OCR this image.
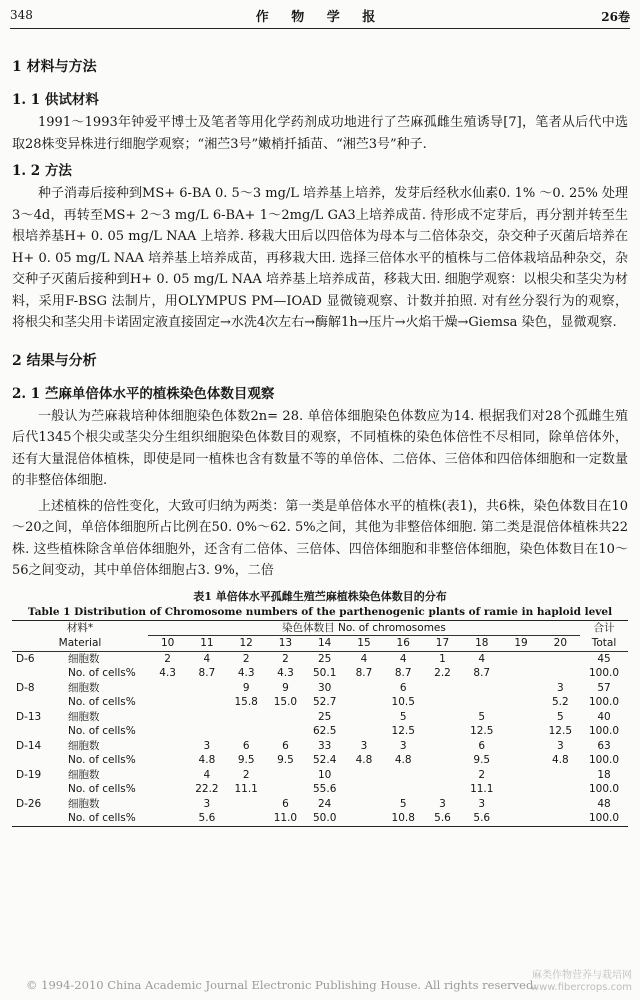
348	作 物 学 报	26卷
1 材料与方法
1. 1 供试材料
1991～1993年钟爱平博士及笔者等用化学药剂成功地进行了苎麻孤雌生殖诱导[7]，笔者从后代中选取28株变异株进行细胞学观察；“湘苎3号”嫩梢扦插苗、“湘苎3号”种子.
1. 2 方法
种子消毒后接种到MS+ 6-BA 0. 5～3 mg/L 培养基上培养，发芽后经秋水仙素0. 1% ～0. 25% 处理3～4d，再转至MS+ 2～3 mg/L 6-BA+ 1～2mg/L GA3上培养成苗. 待形成不定芽后，再分割并转至生根培养基H+ 0. 05 mg/L NAA 上培养. 移栽大田后以四倍体为母本与二倍体杂交，杂交种子灭菌后培养在H+ 0. 05 mg/L NAA 培养基上培养成苗，再移栽大田. 选择三倍体水平的植株与二倍体栽培品种杂交，杂交种子灭菌后接种到H+ 0. 05 mg/L NAA 培养基上培养成苗，移栽大田. 细胞学观察：以根尖和茎尖为材料，采用F-BSG 法制片，用OLYMPUS PM—IOAD 显微镜观察、计数并拍照. 对有丝分裂行为的观察，将根尖和茎尖用卡诺固定液直接固定→水洗4次左右→酶解1h→压片→火焰干燥→Giemsa 染色，显微观察.
2 结果与分析
2. 1 苎麻单倍体水平的植株染色体数目观察
一般认为苎麻栽培种体细胞染色体数2n= 28. 单倍体细胞染色体数应为14. 根据我们对28个孤雌生殖后代1345个根尖或茎尖分生组织细胞染色体数目的观察，不同植株的染色体倍性不尽相同，除单倍体外，还有大量混倍体植株，即使是同一植株也含有数量不等的单倍体、二倍体、三倍体和四倍体细胞和一定数量的非整倍体细胞.
上述植株的倍性变化，大致可归纳为两类：第一类是单倍体水平的植株(表1)，共6株，染色体数目在10～20之间，单倍体细胞所占比例在50. 0%～62. 5%之间，其他为非整倍体细胞. 第二类是混倍体植株共22株. 这些植株除含单倍体细胞外，还含有二倍体、三倍体、四倍体细胞和非整倍体细胞，染色体数目在10～56之间变动，其中单倍体细胞占3. 9%，二倍
表1 单倍体水平孤雌生殖苎麻植株染色体数目的分布
Table 1 Distribution of Chromosome numbers of the parthenogenic plants of ramie in haploid level
材料*		染色体数目 No. of chromosomes											合计
Material		10	11	12	13	14	15	16	17	18	19	20	Total
D-6	细胞数	2	4	2	2	25	4	4	1	4			45
	No. of cells%	4.3	8.7	4.3	4.3	50.1	8.7	8.7	2.2	8.7			100.0
D-8	细胞数			9	9	30		6				3	57
	No. of cells%			15.8	15.0	52.7		10.5				5.2	100.0
D-13	细胞数					25		5		5		5	40
	No. of cells%					62.5		12.5		12.5		12.5	100.0
D-14	细胞数		3	6	6	33	3	3		6		3	63
	No. of cells%		4.8	9.5	9.5	52.4	4.8	4.8		9.5		4.8	100.0
D-19	细胞数		4	2		10				2			18
	No. of cells%		22.2	11.1		55.6				11.1			100.0
D-26	细胞数		3		6	24		5	3	3			48
	No. of cells%		5.6		11.0	50.0		10.8	5.6	5.6			100.0
© 1994-2010 China Academic Journal Electronic Publishing House. All rights reserved.
麻类作物营养与栽培网
www.fibercrops.com
